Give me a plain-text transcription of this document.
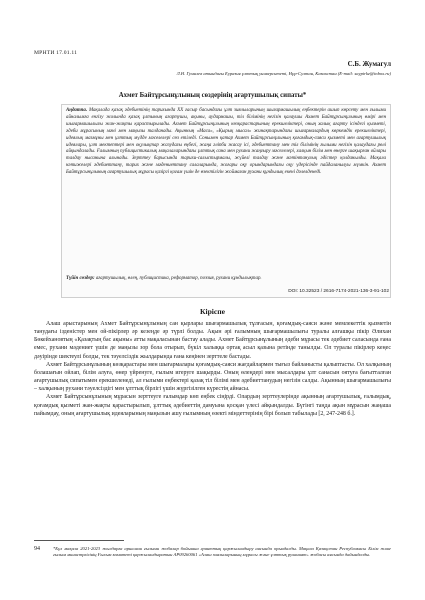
МРНТИ 17.01.11
С.Б. Жумагул
Л.Н. Гумилев атындағы Еуразия ұлттық университеті, Нұр-Султан, Казахстан (E-mail: saypirkz@inbox.ru)
Ахмет Байтұрсынұлының сөздерінің ағартушылық сипаты*
Аңдатпа. Мақалада қазақ әдебиетінің тарихында ХХ ғасыр басындағы ұлт зиялыларының шығармашылық еңбектерін ашып көрсету мен ғылыми айналымға енгізу жолында қазақ ұлтының ағартушы, ақыны, аудармашы, тіл білімінің негізін қалаушы Ахмет Байтұрсынұлының өмірі мен шығармашылығы жан-жақты қарастырылады. Ахмет Байтұрсынұлының көзқарастарының ерекшеліктері, оның халық ағарту ісіндегі қызметі, әдеби мұрасының мәні мен маңызы талданады. Ақынның «Маса», «Қырық мысал» жинақтарындағы шығармалардың көркемдік ерекшеліктері, идеялық мазмұны мен ұлттық мүдде мәселелері сөз етіледі. Сонымен қатар Ахмет Байтұрсынұлының қоғамдық-саяси қызметі мен ағартушылық идеялары, ұлт мектептері мен оқулықтар жазудағы еңбегі, жаңа әліпби жасау ісі, әдебиеттану мен тіл білімінің ғылыми негізін қалаудағы рөлі айқындалады. Ғалымның публицистикалық мақалаларындағы ұлттық сана мен рухани жаңғыру мәселелері, халқын білім мен өнерге шақырған ойлары талдау нысанына алынады. Зерттеу барысында тарихи-салыстырмалы, жүйелі талдау және мәтінтанулық әдістер қолданылды. Мақала нәтижелері әдебиеттану, тарих және мәдениеттану салаларында, жоғары оқу орындарындағы оқу үдерісінде пайдаланылуы мүмкін. Ахмет Байтұрсынұлының ағартушылық мұрасы қазіргі қоғам үшін де өзектілігін жоймаған рухани құндылық екені дәлелденеді.
Түйін сөздер: ағартушылық, өлең, публицистика, реформатор, поэзия, рухани құндылықтар.
DOI: 10.32523 / 2616-7174-2021-136-3-91-102
Кіріспе

Алаш арыстарының Ахмет Байтұрсынұлының сан қырлары шығармашылық тұлғасын, қоғамдық-саяси және мемлекеттік қызметін танудағы ізденістер мен ой-пікірлер әр кезеңде әр түрлі болды. Ақын әрі ғалымның шығармашылығы туралы алғашқы пікір Әлихан Бөкейхановтың «Қазақтың бас ақыны» атты мақаласынан бастау алады. Ахмет Байтұрсынұлының әдеби мұрасы тек әдебиет саласында ғана емес, рухани мәдениет үшін де маңызы зор бола отырып, бүкіл халыққа ортақ асыл қазына ретінде танылды. Ол туралы пікірлер кеңес дәуірінде шектеулі болды, тек тәуелсіздік жылдарында ғана кеңінен зерттеле бастады.

Ахмет Байтұрсынұлының көзқарастары мен шығармалары қоғамдық-саяси жағдайлармен тығыз байланысты қалыптасты. Ол халқының болашағын ойлап, білім алуға, өнер үйренуге, ғылым игеруге шақырды. Оның өлеңдері мен мысалдары ұлт санасын оятуға бағытталған ағартушылық сипатымен ерекшеленеді, ал ғылыми еңбектері қазақ тіл білімі мен әдебиеттанудың негізін салды. Ақынның шығармашылығы – халқының рухани тәуелсіздігі мен ұлттық бірлігі үшін жүргізілген күрестің айнасы.

Ахмет Байтұрсынұлының мұрасын зерттеуге ғалымдар көп еңбек сіңірді. Олардың зерттеулерінде ақынның ағартушылық, ғалымдық, қоғамдық қызметі жан-жақты қарастырылып, ұлттық әдебиеттің дамуына қосқан үлесі айқындалды. Бүгінгі таңда ақын мұрасын жаңаша пайымдау, оның ағартушылық идеяларының маңызын ашу ғылымның өзекті міндеттерінің бірі болып табылады [2, 247-248 б.].

94	*Бұл мақала 2021-2023 жылдарға арналған ғылыми жобалар бойынша гранттық қаржыландыру аясында орындалды. Мақала Қазақстан Республикасы Білім және ғылым министрлігінің Ғылым комитеті қаржыландыратын AP09260061 «Алаш зиялыларының мұрасы және ұлттық руханият» жобасы аясында дайындалды.
